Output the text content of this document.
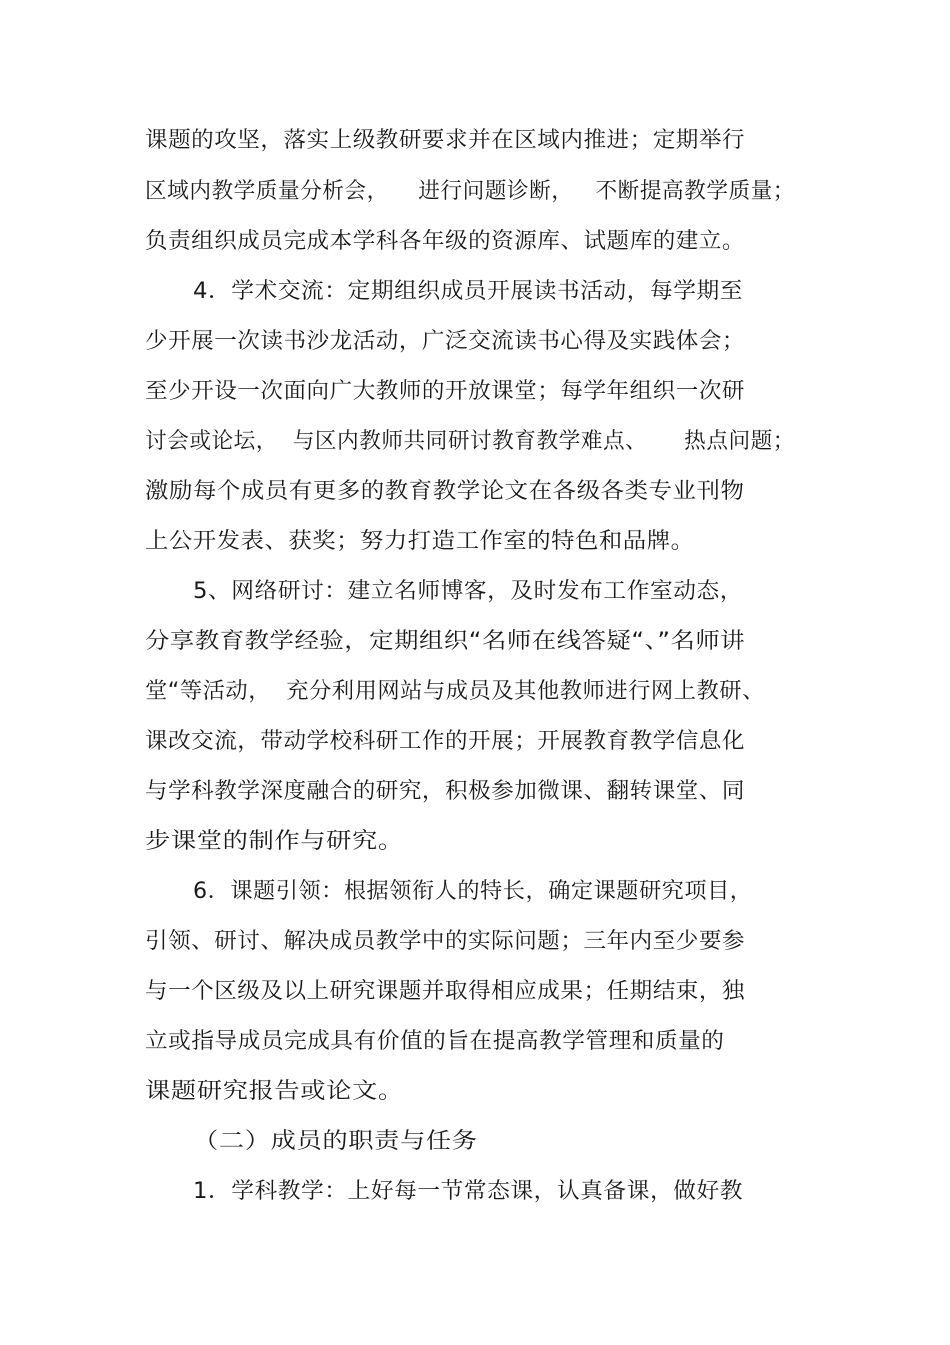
课题的攻坚，落实上级教研要求并在区域内推进；定期举行
区域内教学质量分析会，    进行问题诊断，   不断提高教学质量；
负责组织成员完成本学科各年级的资源库、试题库的建立。
4．学术交流：定期组织成员开展读书活动，每学期至
少开展一次读书沙龙活动，广泛交流读书心得及实践体会；
至少开设一次面向广大教师的开放课堂；每学年组织一次研
讨会或论坛，  与区内教师共同研讨教育教学难点、     热点问题；
激励每个成员有更多的教育教学论文在各级各类专业刊物
上公开发表、获奖；努力打造工作室的特色和品牌。
5、网络研讨：建立名师博客，及时发布工作室动态，
分享教育教学经验，定期组织“名师在线答疑“、”名师讲
堂“等活动，  充分利用网站与成员及其他教师进行网上教研、
课改交流，带动学校科研工作的开展；开展教育教学信息化
与学科教学深度融合的研究，积极参加微课、翻转课堂、同
步课堂的制作与研究。
6．课题引领：根据领衔人的特长，确定课题研究项目，
引领、研讨、解决成员教学中的实际问题；三年内至少要参
与一个区级及以上研究课题并取得相应成果；任期结束，独
立或指导成员完成具有价值的旨在提高教学管理和质量的
课题研究报告或论文。
（二）成员的职责与任务
1．学科教学：上好每一节常态课，认真备课，做好教
